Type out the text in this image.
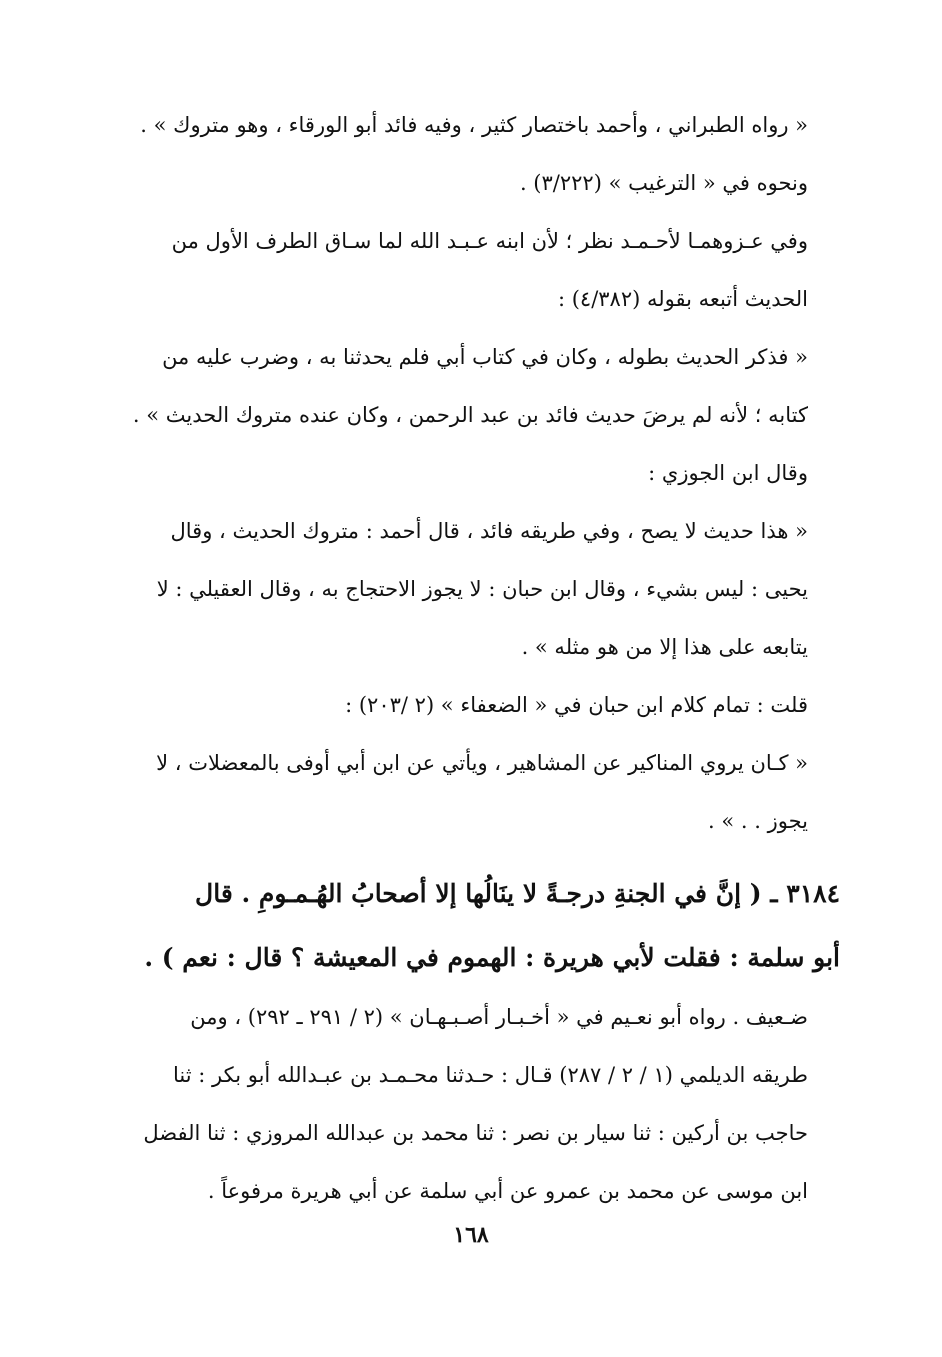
« رواه الطبراني ، وأحمد باختصار كثير ، وفيه فائد أبو الورقاء ، وهو متروك » .

ونحوه في « الترغيب » (٣/٢٢٢) .

وفي عـزوهمـا لأحـمـد نظر ؛ لأن ابنه عـبـد الله لما سـاق الطرف الأول من
الحديث أتبعه بقوله (٤/٣٨٢) :

« فذكر الحديث بطوله ، وكان في كتاب أبي فلم يحدثنا به ، وضرب عليه من
كتابه ؛ لأنه لم يرضَ حديث فائد بن عبد الرحمن ، وكان عنده متروك الحديث » .

وقال ابن الجوزي :

« هذا حديث لا يصح ، وفي طريقه فائد ، قال أحمد : متروك الحديث ، وقال
يحيى : ليس بشيء ، وقال ابن حبان : لا يجوز الاحتجاج به ، وقال العقيلي : لا
يتابعه على هذا إلا من هو مثله » .

قلت : تمام كلام ابن حبان في « الضعفاء » (٢ /٢٠٣) :

« كـان يروي المناكير عن المشاهير ، ويأتي عن ابن أبي أوفى بالمعضلات ، لا
يجوز . . » .

٣١٨٤ ـ ( إنَّ في الجنةِ درجـةً لا ينَالُها إلا أصحابُ الهُـمـومِ . قال
أبو سلمة : فقلت لأبي هريرة : الهموم في المعيشة ؟ قال : نعم ) .

ضـعيف . رواه أبو نعـيم في « أخـبـار أصـبـهـان » (٢ / ٢٩١ ـ ٢٩٢) ، ومن
طريقه الديلمي (١ / ٢ / ٢٨٧) قـال : حـدثنا محـمـد بن عبـدالله أبو بكر : ثنا
حاجب بن أركين : ثنا سيار بن نصر : ثنا محمد بن عبدالله المروزي : ثنا الفضل
ابن موسى عن محمد بن عمرو عن أبي سلمة عن أبي هريرة مرفوعاً .

١٦٨
